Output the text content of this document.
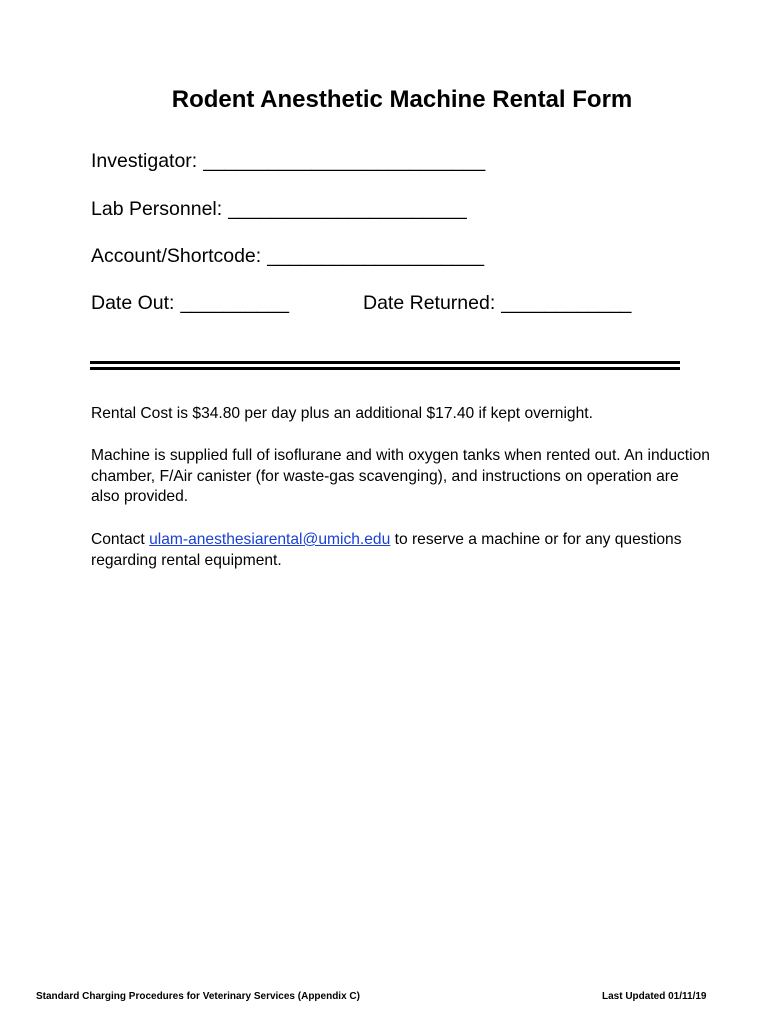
Rodent Anesthetic Machine Rental Form
Investigator: __________________________
Lab Personnel: ______________________
Account/Shortcode: ____________________
Date Out: __________	Date Returned: ____________
Rental Cost is $34.80 per day plus an additional $17.40 if kept overnight.
Machine is supplied full of isoflurane and with oxygen tanks when rented out. An induction chamber, F/Air canister (for waste-gas scavenging), and instructions on operation are also provided.
Contact ulam-anesthesiarental@umich.edu to reserve a machine or for any questions regarding rental equipment.
Standard Charging Procedures for Veterinary Services (Appendix C)	Last Updated 01/11/19
